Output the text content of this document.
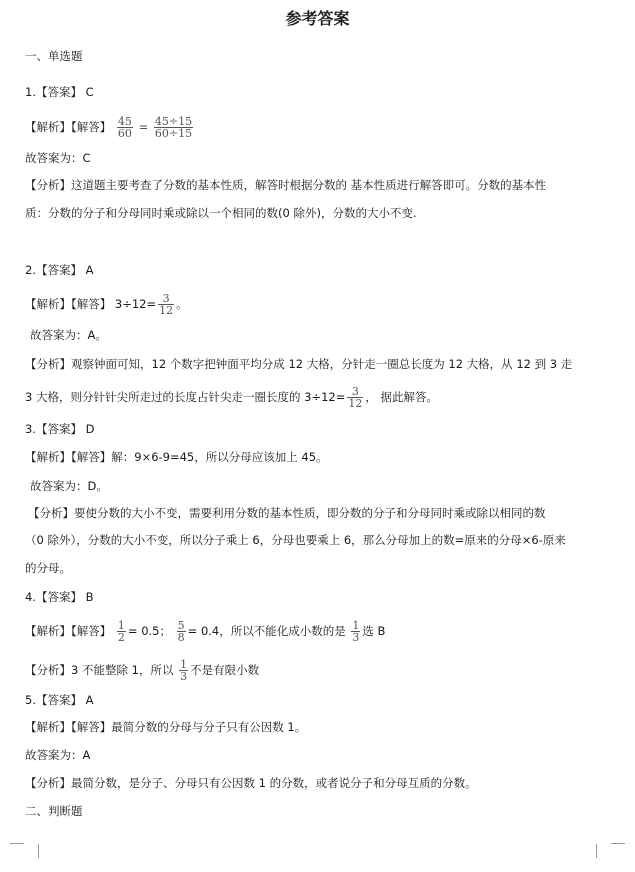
参考答案
一、单选题
1.【答案】 C
【解析】【解答】 $\frac{45}{60} = \frac{45\div 15}{60\div 15}$
故答案为：C
【分析】这道题主要考查了分数的基本性质，解答时根据分数的 基本性质进行解答即可。分数的基本性
质：分数的分子和分母同时乘或除以一个相同的数(0 除外)，分数的大小不变.
2.【答案】 A
【解析】【解答】 $3\div 12= \frac{3}{12}$ 。
故答案为：A。
【分析】观察钟面可知，12 个数字把钟面平均分成 12 大格，分针走一圈总长度为 12 大格，从 12 到 3 走
3 大格，则分针针尖所走过的长度占针尖走一圈长度的 $3\div 12= \frac{3}{12}$ ， 据此解答。
3.【答案】 D
【解析】【解答】解：9×6-9=45，所以分母应该加上 45。
故答案为：D。
【分析】要使分数的大小不变，需要利用分数的基本性质，即分数的分子和分母同时乘或除以相同的数
（0 除外），分数的大小不变，所以分子乘上 6，分母也要乘上 6，那么分母加上的数=原来的分母×6-原来
的分母。
4.【答案】 B
【解析】【解答】 $\frac{1}{2} = 0.5$； $\frac{5}{8} = 0.4$，所以不能化成小数的是 $\frac{1}{3}$ 选 B
【分析】3 不能整除 1，所以 $\frac{1}{3}$ 不是有限小数
5.【答案】 A
【解析】【解答】最简分数的分母与分子只有公因数 1。
故答案为：A
【分析】最简分数，是分子、分母只有公因数 1 的分数，或者说分子和分母互质的分数。
二、判断题
